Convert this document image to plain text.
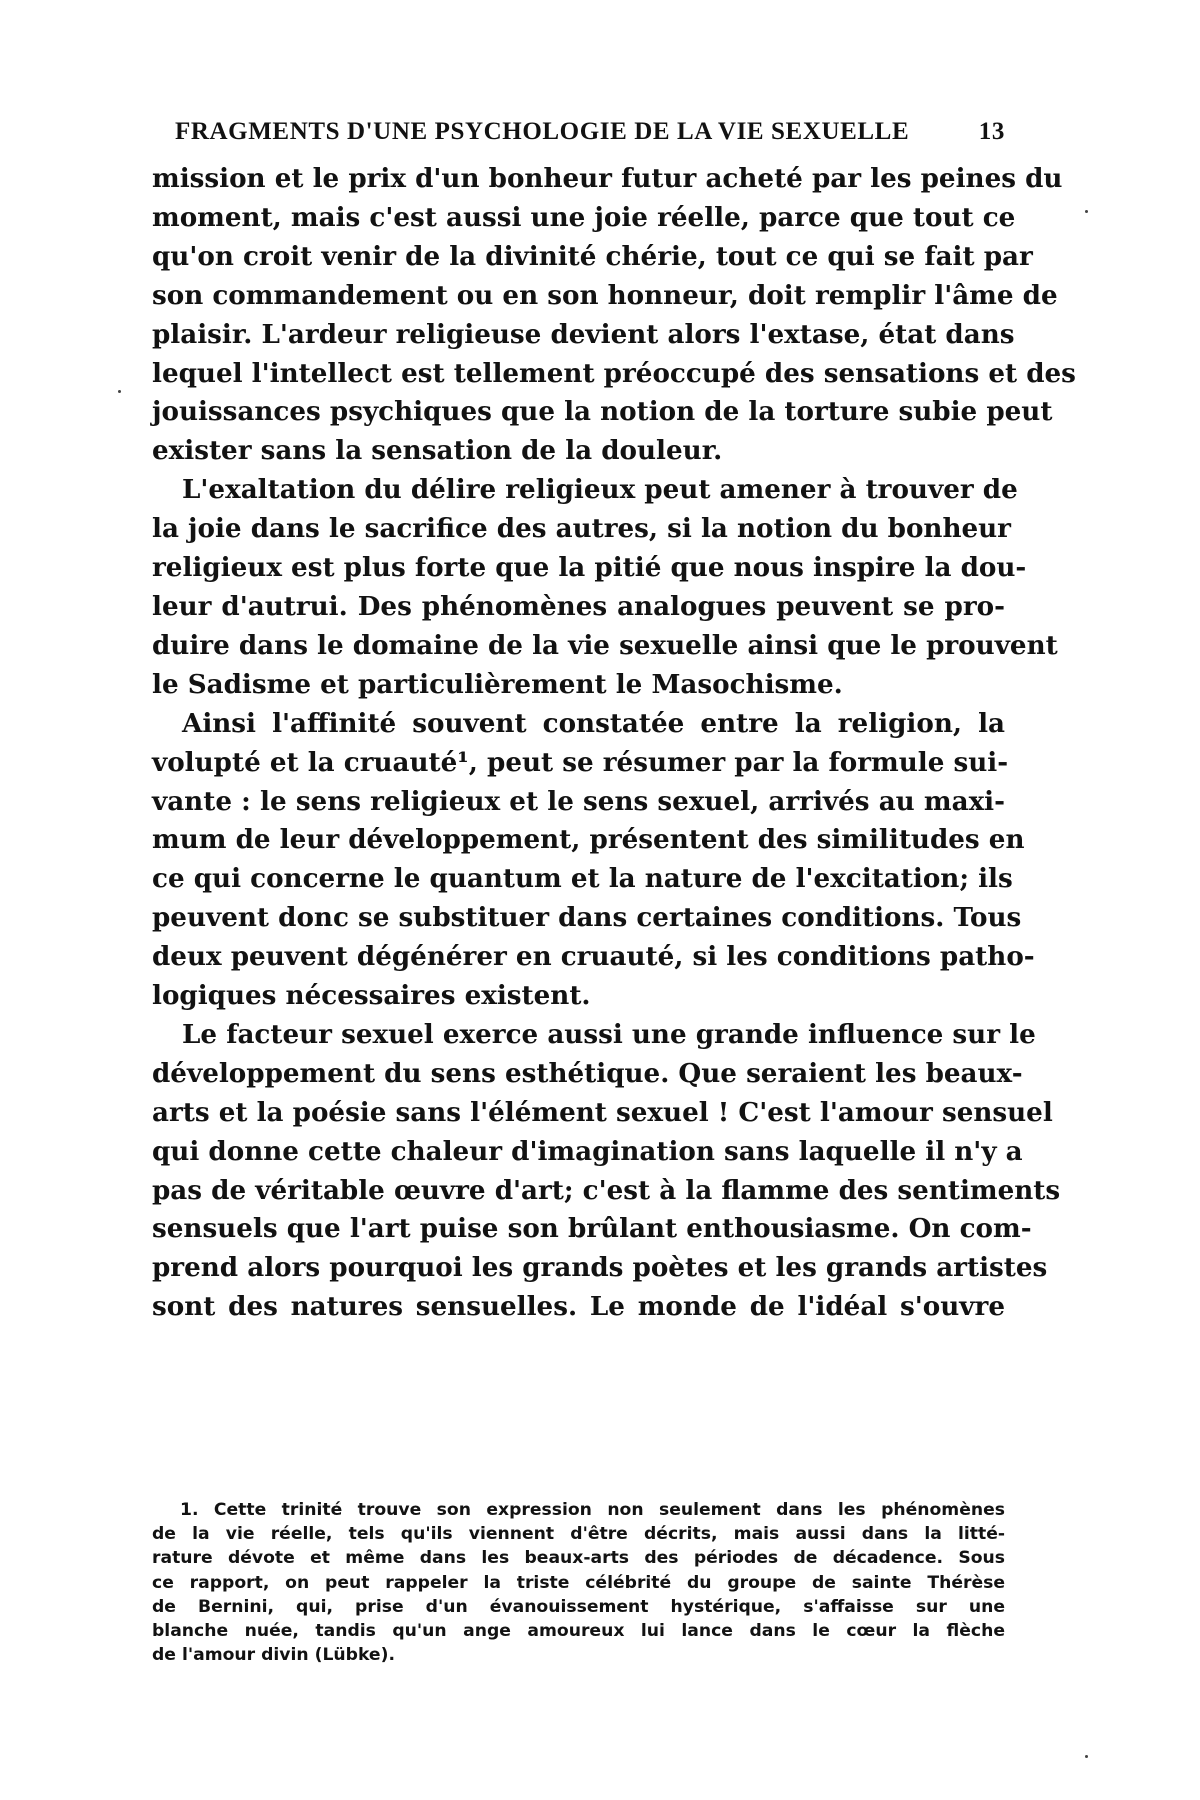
FRAGMENTS D'UNE PSYCHOLOGIE DE LA VIE SEXUELLE	13
mission et le prix d'un bonheur futur acheté par les peines du
moment, mais c'est aussi une joie réelle, parce que tout ce
qu'on croit venir de la divinité chérie, tout ce qui se fait par
son commandement ou en son honneur, doit remplir l'âme de
plaisir. L'ardeur religieuse devient alors l'extase, état dans
lequel l'intellect est tellement préoccupé des sensations et des
jouissances psychiques que la notion de la torture subie peut
exister sans la sensation de la douleur.
L'exaltation du délire religieux peut amener à trouver de
la joie dans le sacrifice des autres, si la notion du bonheur
religieux est plus forte que la pitié que nous inspire la dou-
leur d'autrui. Des phénomènes analogues peuvent se pro-
duire dans le domaine de la vie sexuelle ainsi que le prouvent
le Sadisme et particulièrement le Masochisme.
Ainsi l'affinité souvent constatée entre la religion, la
volupté et la cruauté¹, peut se résumer par la formule sui-
vante : le sens religieux et le sens sexuel, arrivés au maxi-
mum de leur développement, présentent des similitudes en
ce qui concerne le quantum et la nature de l'excitation; ils
peuvent donc se substituer dans certaines conditions. Tous
deux peuvent dégénérer en cruauté, si les conditions patho-
logiques nécessaires existent.
Le facteur sexuel exerce aussi une grande influence sur le
développement du sens esthétique. Que seraient les beaux-
arts et la poésie sans l'élément sexuel ! C'est l'amour sensuel
qui donne cette chaleur d'imagination sans laquelle il n'y a
pas de véritable œuvre d'art; c'est à la flamme des sentiments
sensuels que l'art puise son brûlant enthousiasme. On com-
prend alors pourquoi les grands poètes et les grands artistes
sont des natures sensuelles. Le monde de l'idéal s'ouvre
1. Cette trinité trouve son expression non seulement dans les phénomènes
de la vie réelle, tels qu'ils viennent d'être décrits, mais aussi dans la litté-
rature dévote et même dans les beaux-arts des périodes de décadence. Sous
ce rapport, on peut rappeler la triste célébrité du groupe de sainte Thérèse
de Bernini, qui, prise d'un évanouissement hystérique, s'affaisse sur une
blanche nuée, tandis qu'un ange amoureux lui lance dans le cœur la flèche
de l'amour divin (Lübke).
